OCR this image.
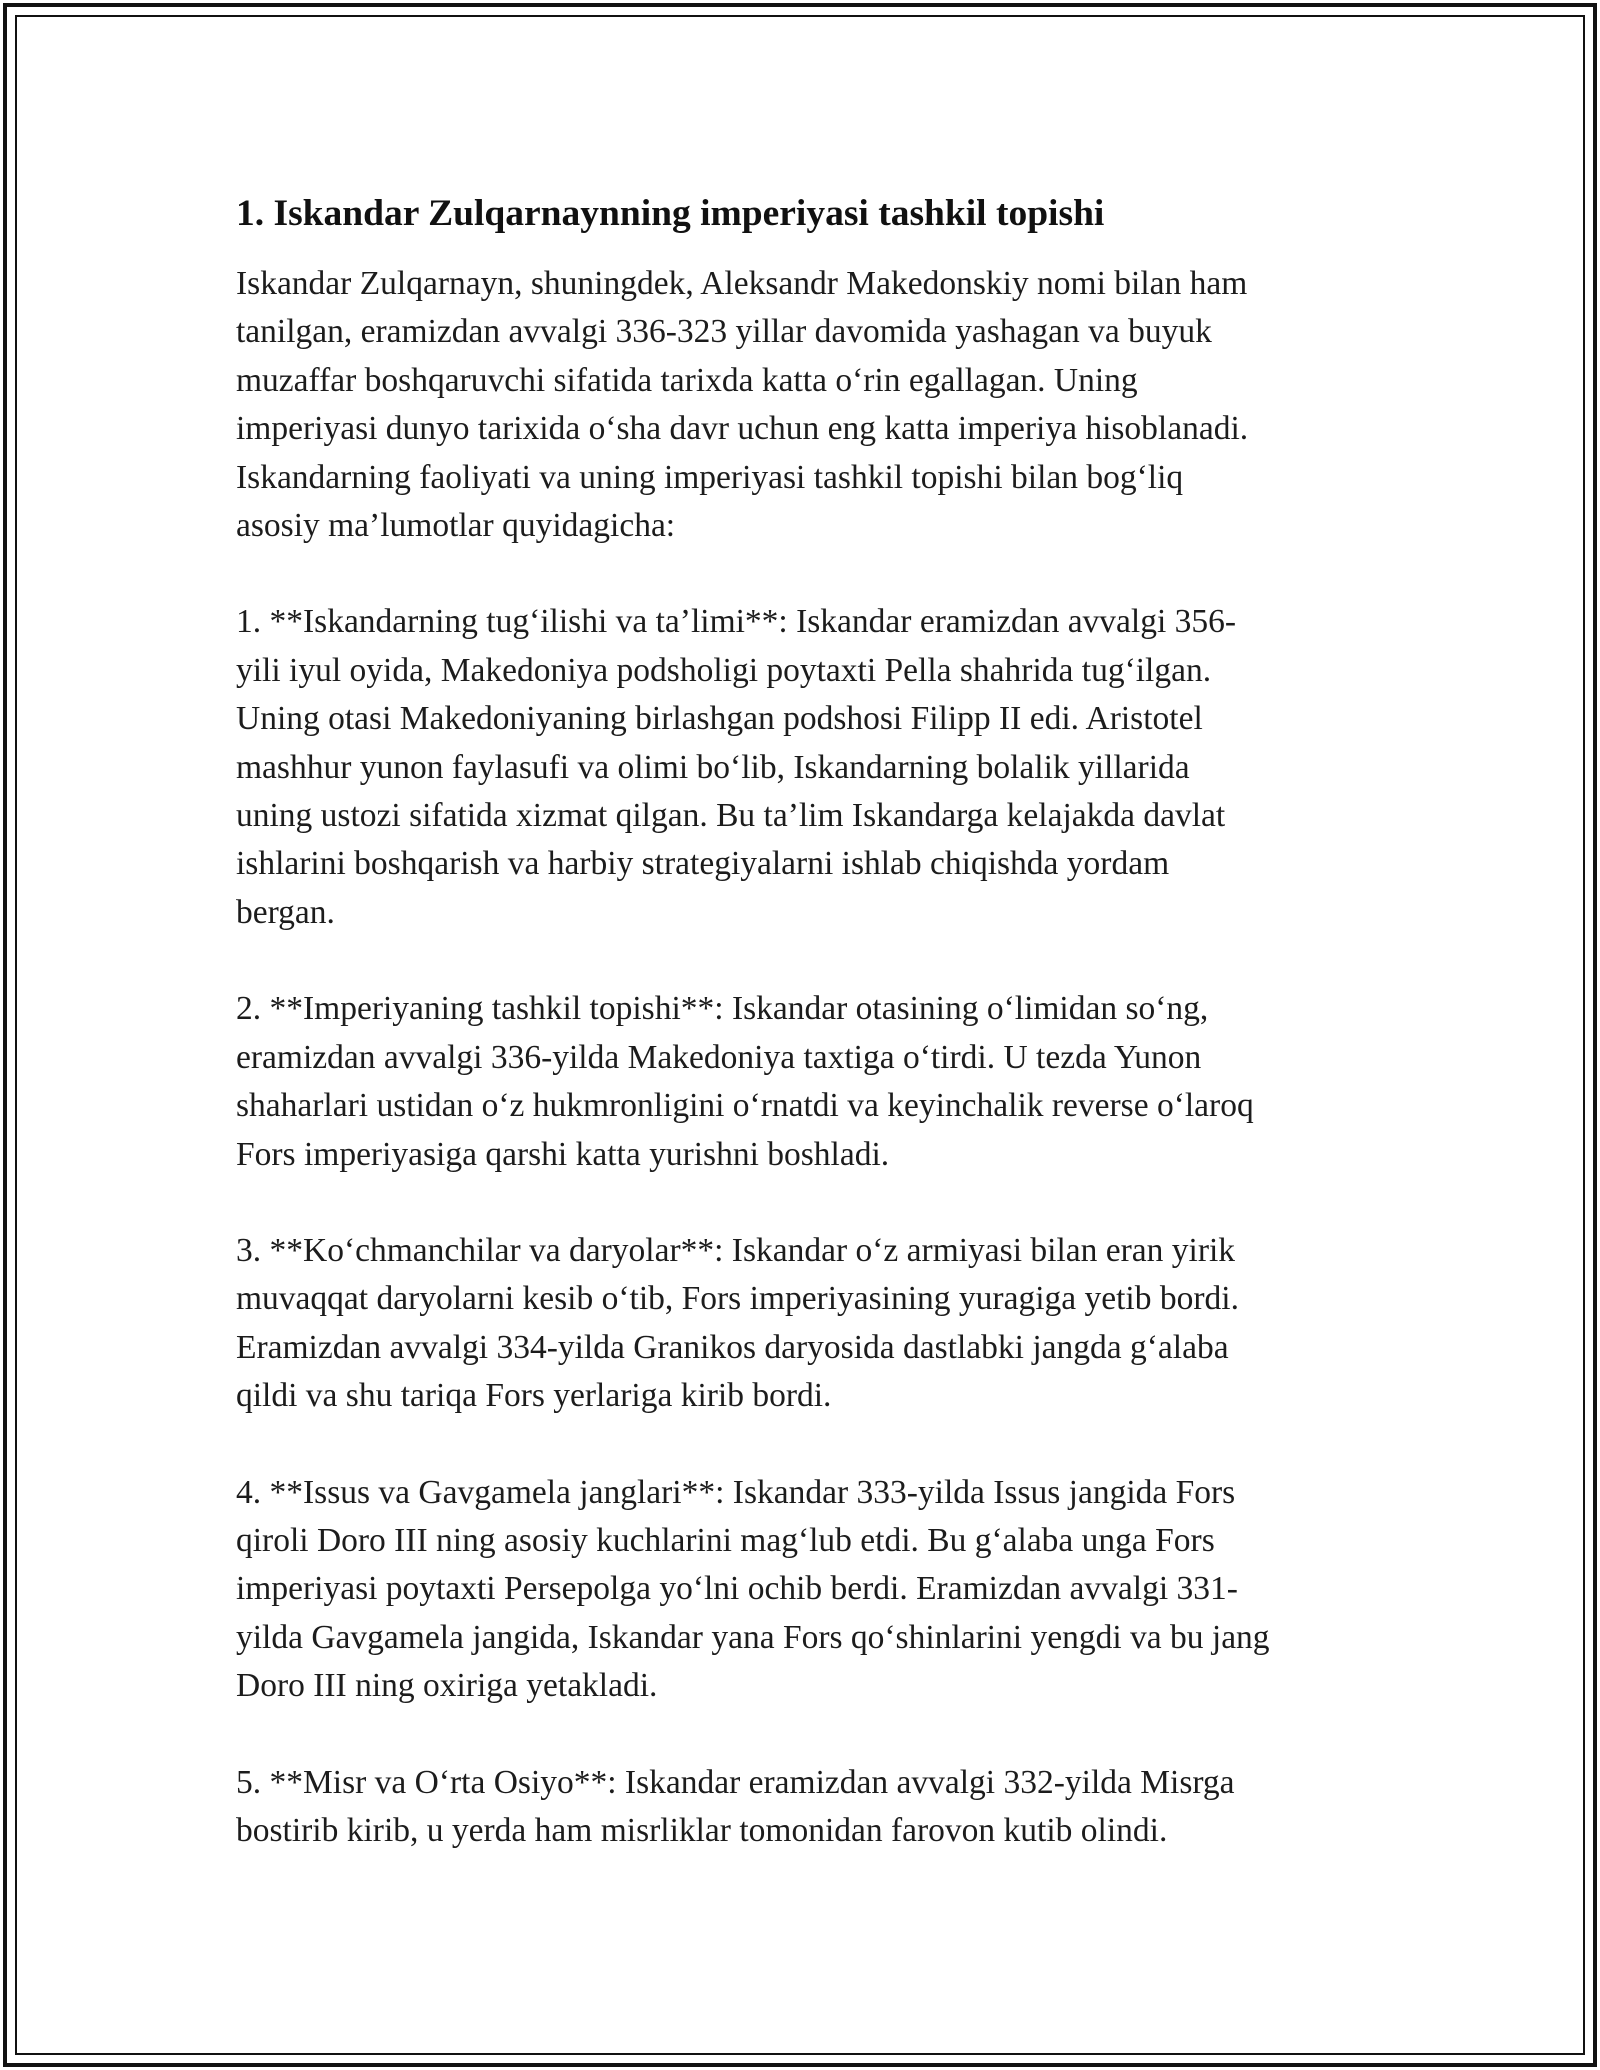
1. Iskandar Zulqarnaynning imperiyasi tashkil topishi

Iskandar Zulqarnayn, shuningdek, Aleksandr Makedonskiy nomi bilan ham
tanilgan, eramizdan avvalgi 336-323 yillar davomida yashagan va buyuk
muzaffar boshqaruvchi sifatida tarixda katta o‘rin egallagan. Uning
imperiyasi dunyo tarixida o‘sha davr uchun eng katta imperiya hisoblanadi.
Iskandarning faoliyati va uning imperiyasi tashkil topishi bilan bog‘liq
asosiy ma’lumotlar quyidagicha:

1. **Iskandarning tug‘ilishi va ta’limi**: Iskandar eramizdan avvalgi 356-
yili iyul oyida, Makedoniya podsholigi poytaxti Pella shahrida tug‘ilgan.
Uning otasi Makedoniyaning birlashgan podshosi Filipp II edi. Aristotel
mashhur yunon faylasufi va olimi bo‘lib, Iskandarning bolalik yillarida
uning ustozi sifatida xizmat qilgan. Bu ta’lim Iskandarga kelajakda davlat
ishlarini boshqarish va harbiy strategiyalarni ishlab chiqishda yordam
bergan.

2. **Imperiyaning tashkil topishi**: Iskandar otasining o‘limidan so‘ng,
eramizdan avvalgi 336-yilda Makedoniya taxtiga o‘tirdi. U tezda Yunon
shaharlari ustidan o‘z hukmronligini o‘rnatdi va keyinchalik reverse o‘laroq
Fors imperiyasiga qarshi katta yurishni boshladi.

3. **Ko‘chmanchilar va daryolar**: Iskandar o‘z armiyasi bilan eran yirik
muvaqqat daryolarni kesib o‘tib, Fors imperiyasining yuragiga yetib bordi.
Eramizdan avvalgi 334-yilda Granikos daryosida dastlabki jangda g‘alaba
qildi va shu tariqa Fors yerlariga kirib bordi.

4. **Issus va Gavgamela janglari**: Iskandar 333-yilda Issus jangida Fors
qiroli Doro III ning asosiy kuchlarini mag‘lub etdi. Bu g‘alaba unga Fors
imperiyasi poytaxti Persepolga yo‘lni ochib berdi. Eramizdan avvalgi 331-
yilda Gavgamela jangida, Iskandar yana Fors qo‘shinlarini yengdi va bu jang
Doro III ning oxiriga yetakladi.

5. **Misr va O‘rta Osiyo**: Iskandar eramizdan avvalgi 332-yilda Misrga
bostirib kirib, u yerda ham misrliklar tomonidan farovon kutib olindi.
